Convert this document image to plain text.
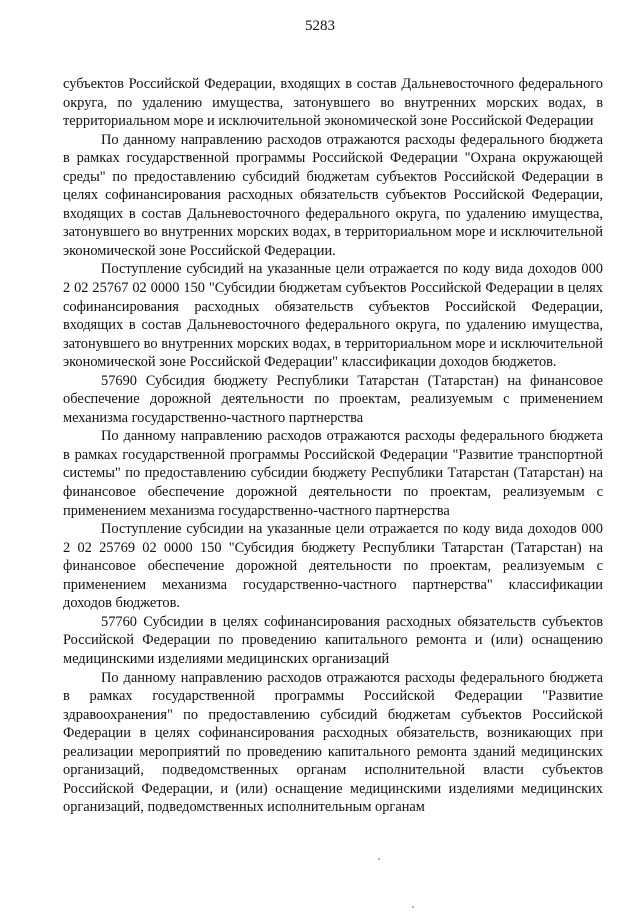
5283

субъектов Российской Федерации, входящих в состав Дальневосточного федерального округа, по удалению имущества, затонувшего во внутренних морских водах, в территориальном море и исключительной экономической зоне Российской Федерации

По данному направлению расходов отражаются расходы федерального бюджета в рамках государственной программы Российской Федерации "Охрана окружающей среды" по предоставлению субсидий бюджетам субъектов Российской Федерации в целях софинансирования расходных обязательств субъектов Российской Федерации, входящих в состав Дальневосточного федерального округа, по удалению имущества, затонувшего во внутренних морских водах, в территориальном море и исключительной экономической зоне Российской Федерации.

Поступление субсидий на указанные цели отражается по коду вида доходов 000 2 02 25767 02 0000 150 "Субсидии бюджетам субъектов Российской Федерации в целях софинансирования расходных обязательств субъектов Российской Федерации, входящих в состав Дальневосточного федерального округа, по удалению имущества, затонувшего во внутренних морских водах, в территориальном море и исключительной экономической зоне Российской Федерации" классификации доходов бюджетов.

57690 Субсидия бюджету Республики Татарстан (Татарстан) на финансовое обеспечение дорожной деятельности по проектам, реализуемым с применением механизма государственно-частного партнерства

По данному направлению расходов отражаются расходы федерального бюджета в рамках государственной программы Российской Федерации "Развитие транспортной системы" по предоставлению субсидии бюджету Республики Татарстан (Татарстан) на финансовое обеспечение дорожной деятельности по проектам, реализуемым с применением механизма государственно-частного партнерства

Поступление субсидии на указанные цели отражается по коду вида доходов 000 2 02 25769 02 0000 150 "Субсидия бюджету Республики Татарстан (Татарстан) на финансовое обеспечение дорожной деятельности по проектам, реализуемым с применением механизма государственно-частного партнерства" классификации доходов бюджетов.

57760 Субсидии в целях софинансирования расходных обязательств субъектов Российской Федерации по проведению капитального ремонта и (или) оснащению медицинскими изделиями медицинских организаций

По данному направлению расходов отражаются расходы федерального бюджета в рамках государственной программы Российской Федерации "Развитие здравоохранения" по предоставлению субсидий бюджетам субъектов Российской Федерации в целях софинансирования расходных обязательств, возникающих при реализации мероприятий по проведению капитального ремонта зданий медицинских организаций, подведомственных органам исполнительной власти субъектов Российской Федерации, и (или) оснащение медицинскими изделиями медицинских организаций, подведомственных исполнительным органам
